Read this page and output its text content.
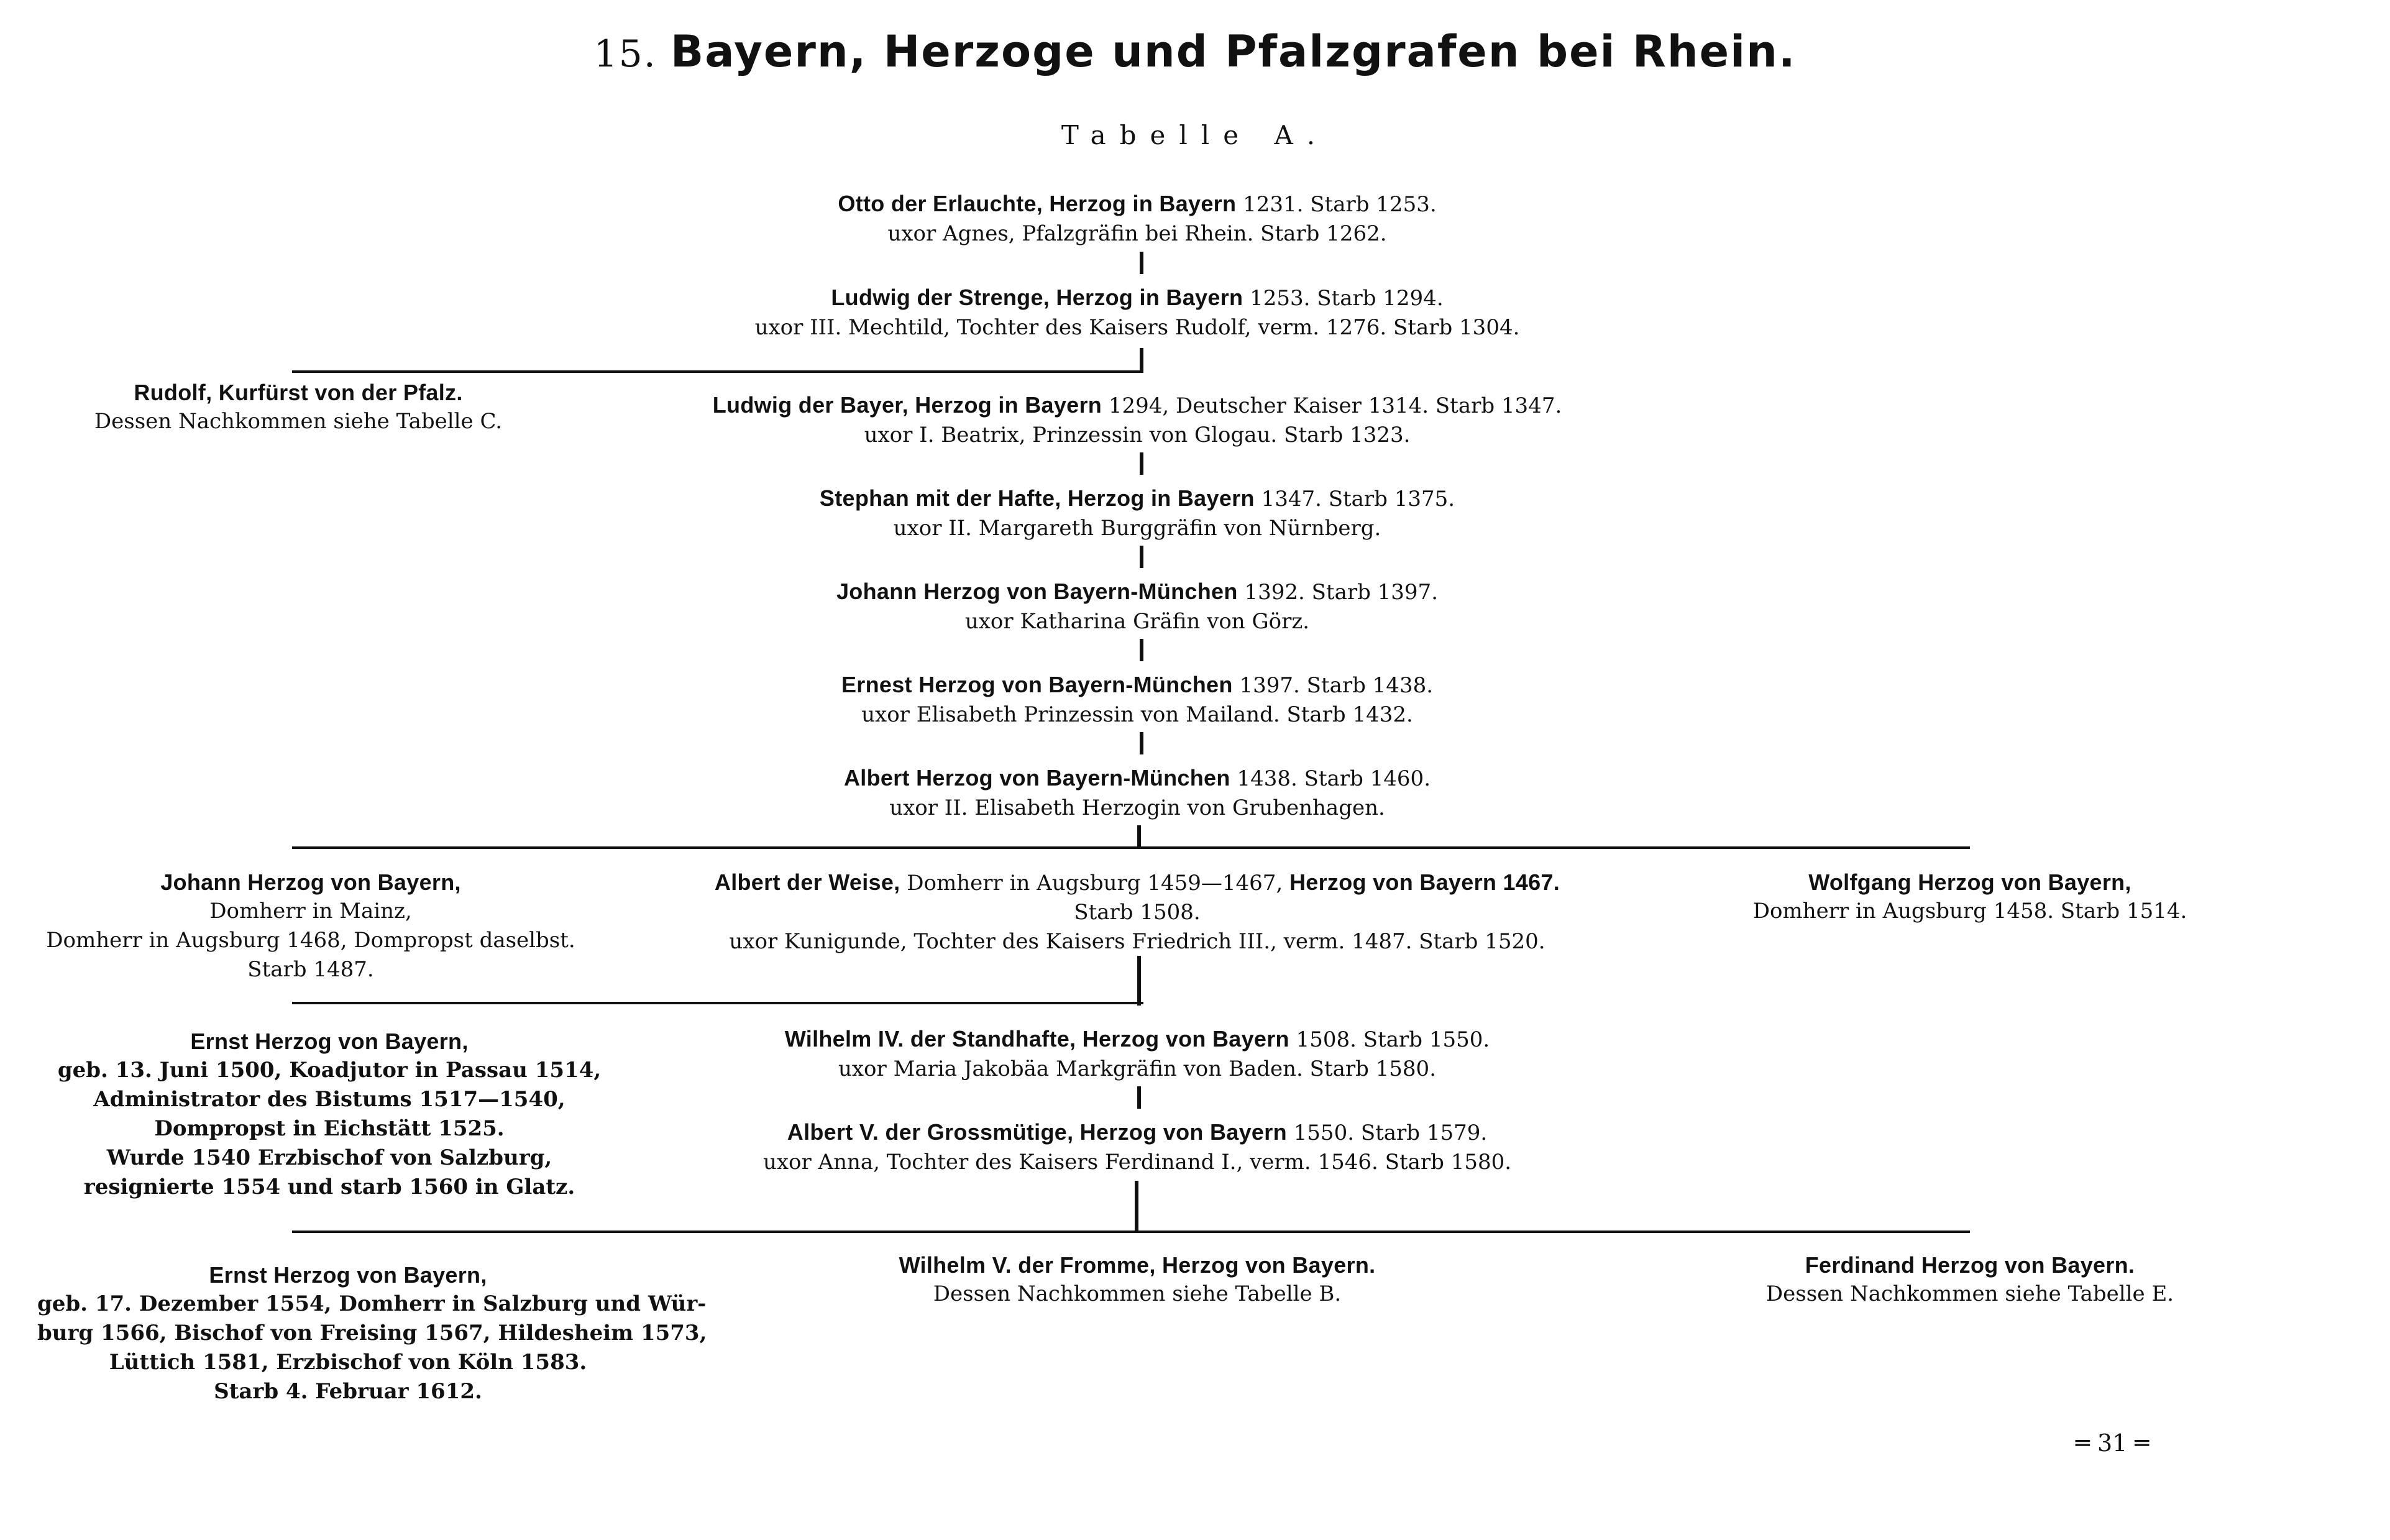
15. Bayern, Herzoge und Pfalzgrafen bei Rhein.
Tabelle A.
Otto der Erlauchte, Herzog in Bayern 1231. Starb 1253.
uxor Agnes, Pfalzgräfin bei Rhein. Starb 1262.
Ludwig der Strenge, Herzog in Bayern 1253. Starb 1294.
uxor III. Mechtild, Tochter des Kaisers Rudolf, verm. 1276. Starb 1304.
Rudolf, Kurfürst von der Pfalz.
Dessen Nachkommen siehe Tabelle C.
Ludwig der Bayer, Herzog in Bayern 1294, Deutscher Kaiser 1314. Starb 1347.
uxor I. Beatrix, Prinzessin von Glogau. Starb 1323.
Stephan mit der Hafte, Herzog in Bayern 1347. Starb 1375.
uxor II. Margareth Burggräfin von Nürnberg.
Johann Herzog von Bayern-München 1392. Starb 1397.
uxor Katharina Gräfin von Görz.
Ernest Herzog von Bayern-München 1397. Starb 1438.
uxor Elisabeth Prinzessin von Mailand. Starb 1432.
Albert Herzog von Bayern-München 1438. Starb 1460.
uxor II. Elisabeth Herzogin von Grubenhagen.
Johann Herzog von Bayern,
Domherr in Mainz,
Domherr in Augsburg 1468, Dompropst daselbst.
Starb 1487.
Albert der Weise, Domherr in Augsburg 1459—1467, Herzog von Bayern 1467.
Starb 1508.
uxor Kunigunde, Tochter des Kaisers Friedrich III., verm. 1487. Starb 1520.
Wolfgang Herzog von Bayern,
Domherr in Augsburg 1458. Starb 1514.
Ernst Herzog von Bayern,
geb. 13. Juni 1500, Koadjutor in Passau 1514,
Administrator des Bistums 1517—1540,
Dompropst in Eichstätt 1525.
Wurde 1540 Erzbischof von Salzburg,
resignierte 1554 und starb 1560 in Glatz.
Wilhelm IV. der Standhafte, Herzog von Bayern 1508. Starb 1550.
uxor Maria Jakobäa Markgräfin von Baden. Starb 1580.
Albert V. der Grossmütige, Herzog von Bayern 1550. Starb 1579.
uxor Anna, Tochter des Kaisers Ferdinand I., verm. 1546. Starb 1580.
Ernst Herzog von Bayern,
geb. 17. Dezember 1554, Domherr in Salzburg und Wür-
burg 1566, Bischof von Freising 1567, Hildesheim 1573,
Lüttich 1581, Erzbischof von Köln 1583.
Starb 4. Februar 1612.
Wilhelm V. der Fromme, Herzog von Bayern.
Dessen Nachkommen siehe Tabelle B.
Ferdinand Herzog von Bayern.
Dessen Nachkommen siehe Tabelle E.
═ 31 ═
